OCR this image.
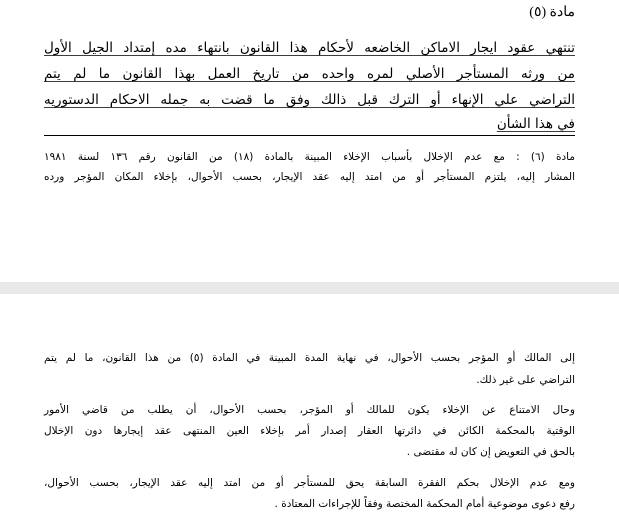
مادة (٥)
تنتهي عقود ايجار الاماكن الخاضعه لأحكام هذا القانون بانتهاء مده إمتداد الجيل الأول
من ورثه المستأجر الأصلي لمره واحده من تاريخ العمل بهذا القانون ما لم يتم
التراضي علي الإنهاء أو الترك قبل ذالك وفق ما قضت به جمله الاحكام الدستوريه
في هذا الشأن
مادة (٦) : مع عدم الإخلال بأسباب الإخلاء المبينة بالمادة (١٨) من القانون رقم ١٣٦ لسنة ١٩٨١
المشار إليه، يلتزم المستأجر أو من امتد إليه عقد الإيجار، بحسب الأحوال، بإخلاء المكان المؤجر ورده
إلى المالك أو المؤجر بحسب الأحوال، في نهاية المدة المبينة في المادة (٥) من هذا القانون، ما لم يتم
التراضي على غير ذلك.
وحال الامتناع عن الإخلاء يكون للمالك أو المؤجر، بحسب الأحوال، أن يطلب من قاضي الأمور
الوقتية بالمحكمة الكائن في دائرتها العقار إصدار أمر بإخلاء العين المنتهى عقد إيجارها دون الإخلال
بالحق في التعويض إن كان له مقتضى .
ومع عدم الإخلال بحكم الفقرة السابقة يحق للمستأجر أو من امتد إليه عقد الإيجار، بحسب الأحوال،
رفع دعوى موضوعية أمام المحكمة المختصة وفقاً للإجراءات المعتادة .
